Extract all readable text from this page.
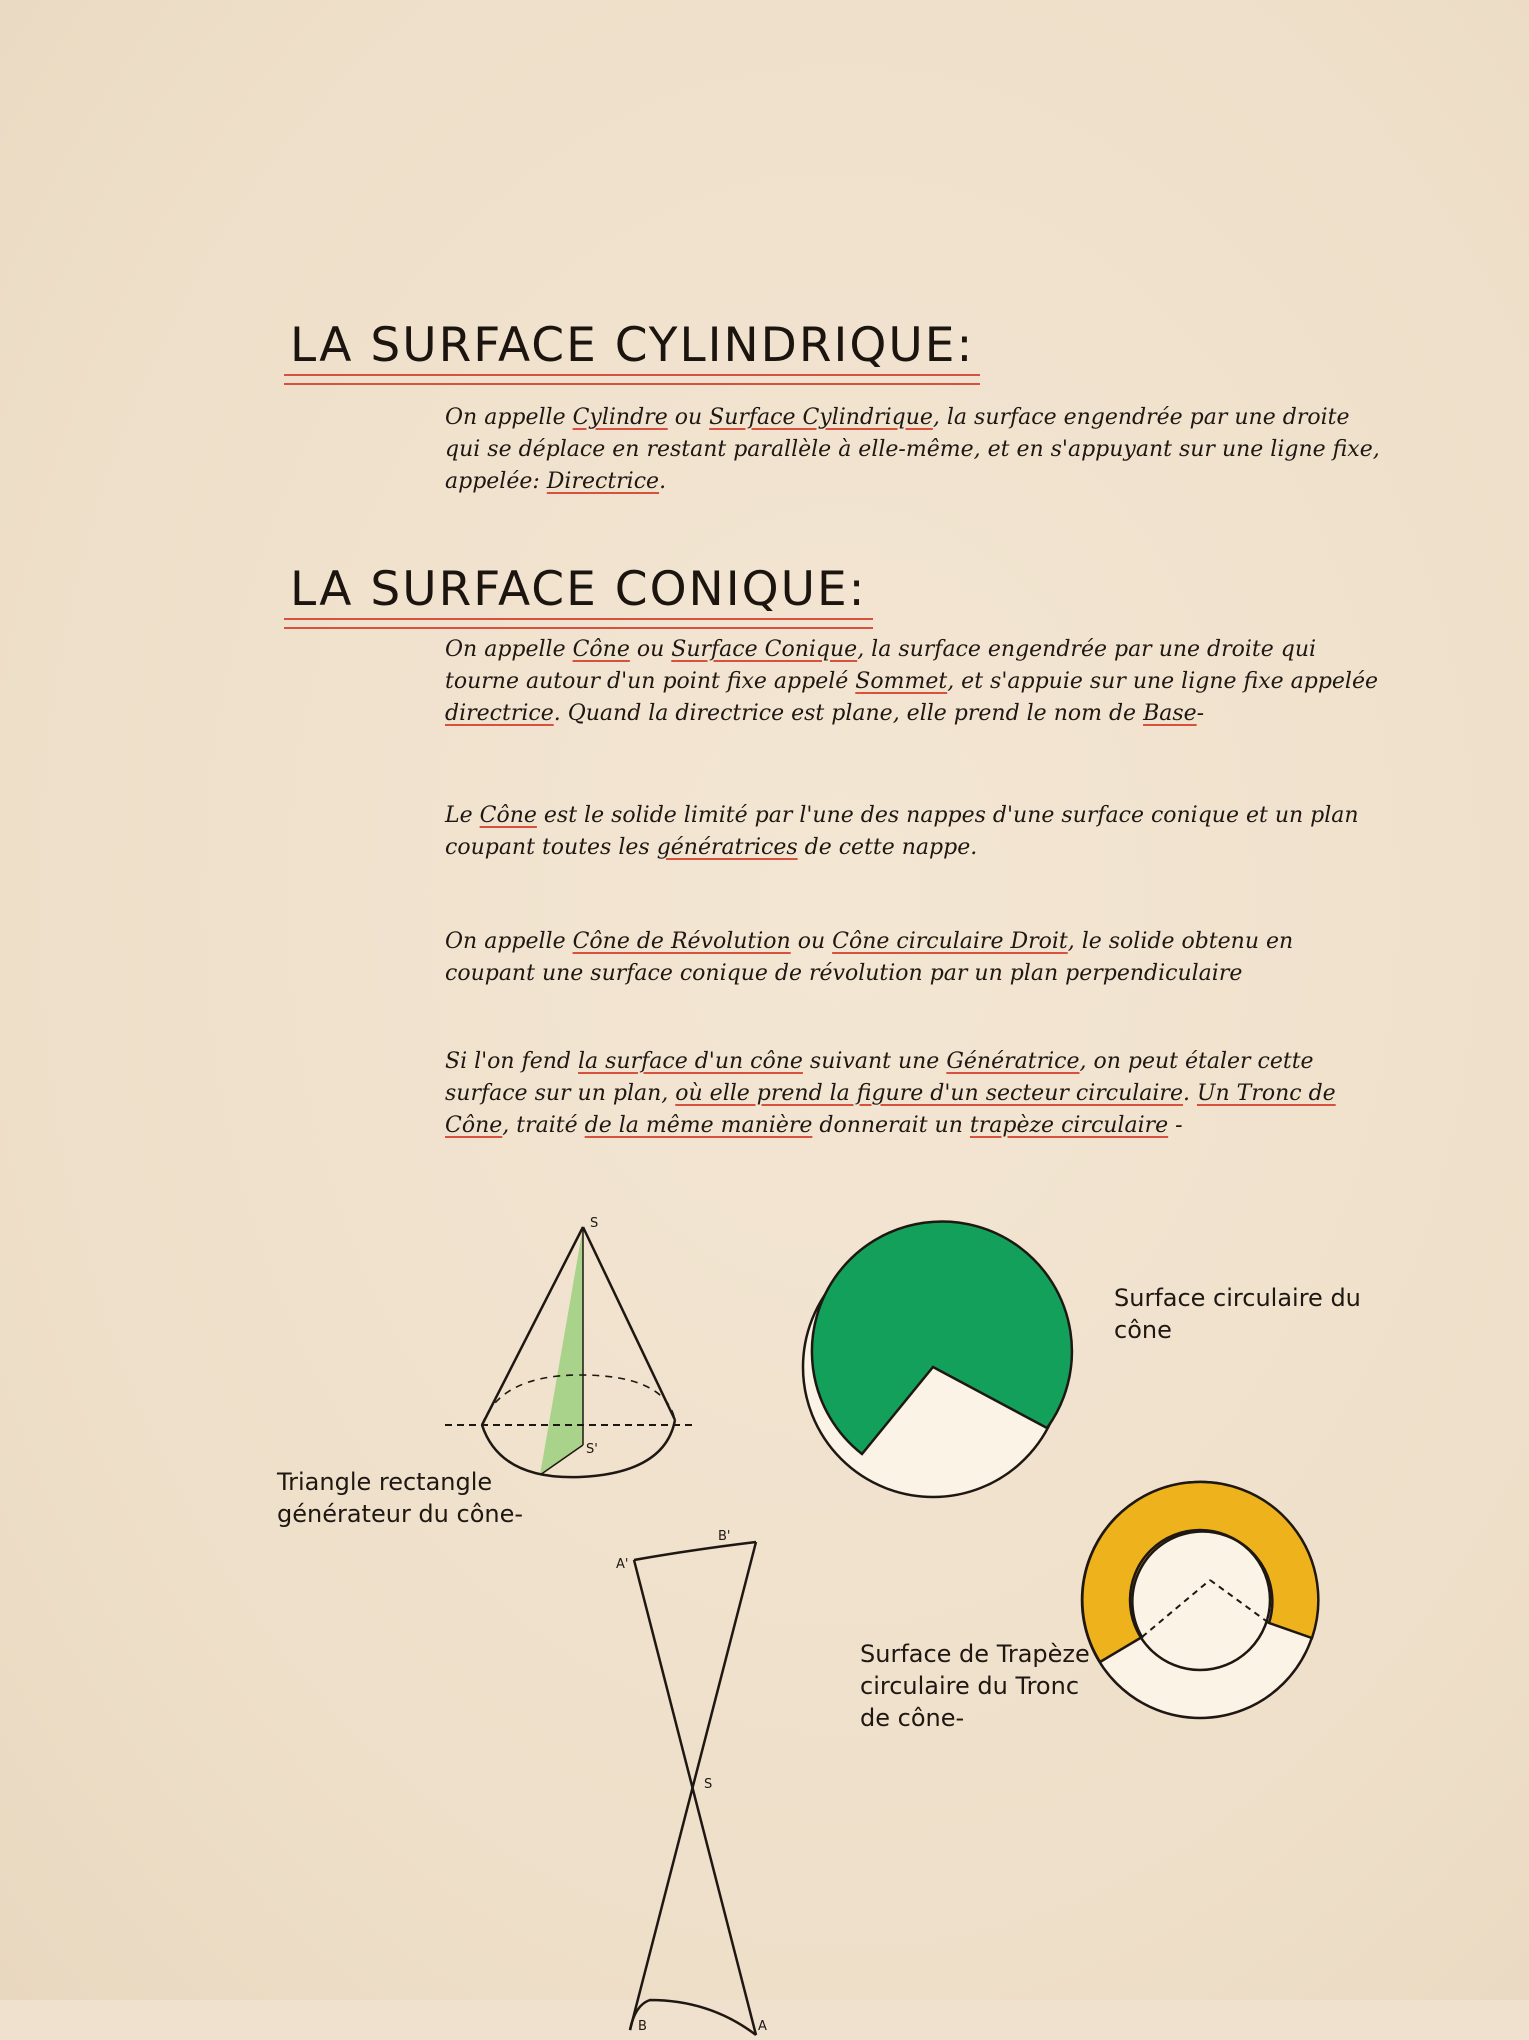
LA SURFACE CYLINDRIQUE:

On appelle Cylindre ou Surface Cylindrique, la surface engendrée par une droite qui se déplace en restant parallèle à elle-même, et en s'appuyant sur une ligne fixe, appelée: Directrice.

LA SURFACE CONIQUE:

On appelle Cône ou Surface Conique, la surface engendrée par une droite qui tourne autour d'un point fixe appelé Sommet, et s'appuie sur une ligne fixe appelée directrice. Quand la directrice est plane, elle prend le nom de Base-

Le Cône est le solide limité par l'une des nappes d'une surface conique et un plan coupant toutes les génératrices de cette nappe.

On appelle Cône de Révolution ou Cône circulaire Droit, le solide obtenu en coupant une surface conique de révolution par un plan perpendiculaire

Si l'on fend la surface d'un cône suivant une Génératrice, on peut étaler cette surface sur un plan, où elle prend la figure d'un secteur circulaire. Un Tronc de Cône, traité de la même manière donnerait un trapèze circulaire -

S
S'
A'
B'
S
B	A

Triangle rectangle générateur du cône-

Surface circulaire du cône

Surface de Trapèze circulaire du Tronc de cône-
